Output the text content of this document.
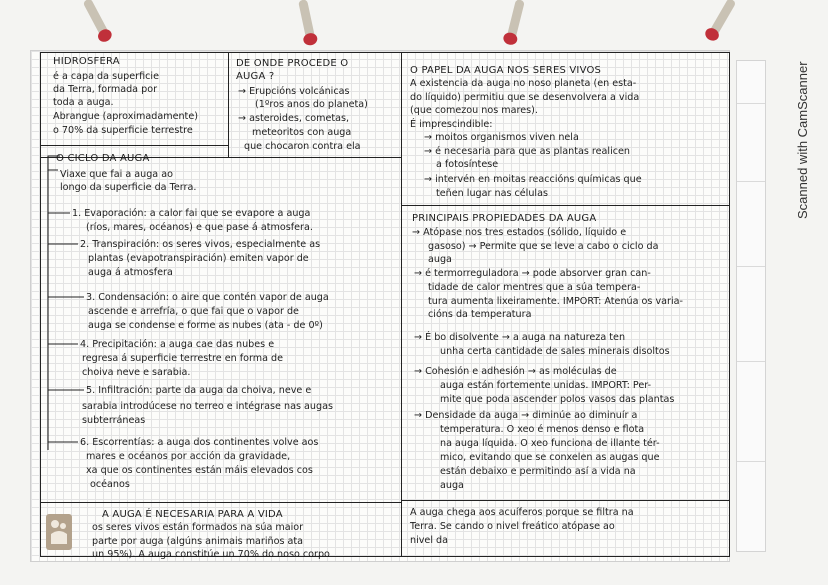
Scanned with CamScanner
HIDROSFERA
é a capa da superficie
da Terra, formada por
toda a auga.
Abrangue (aproximadamente)
o 70% da superficie terrestre
DE ONDE PROCEDE O
AUGA ?
→ Erupcións volcánicas
(1ºros anos do planeta)
→ asteroides, cometas,
meteoritos con auga
que chocaron contra ela
O CICLO DA AUGA
Viaxe que fai a auga ao
longo da superficie da Terra.
1. Evaporación: a calor fai que se evapore a auga
(ríos, mares, océanos) e que pase á atmosfera.
2. Transpiración: os seres vivos, especialmente as
plantas (evapotranspiración) emiten vapor de
auga á atmosfera
3. Condensación: o aire que contén vapor de auga
ascende e arrefría, o que fai que o vapor de
auga se condense e forme as nubes (ata - de 0º)
4. Precipitación: a auga cae das nubes e
regresa á superficie terrestre en forma de
choiva neve e sarabia.
5. Infiltración: parte da auga da choiva, neve e
sarabia introdúcese no terreo e intégrase nas augas
subterráneas
6. Escorrentías: a auga dos continentes volve aos
mares e océanos por acción da gravidade,
xa que os continentes están máis elevados cos
océanos
A AUGA É NECESARIA PARA A VIDA
os seres vivos están formados na súa maior
parte por auga (algúns animais mariños ata
un 95%). A auga constitúe un 70% do noso corpo
O PAPEL DA AUGA NOS SERES VIVOS
A existencia da auga no noso planeta (en esta-
do líquido) permitiu que se desenvolvera a vida
(que comezou nos mares).
É imprescindible:
→ moitos organismos viven nela
→ é necesaria para que as plantas realicen
a fotosíntese
→ intervén en moitas reaccións químicas que
teñen lugar nas células
PRINCIPAIS PROPIEDADES DA AUGA
→ Atópase nos tres estados (sólido, líquido e
gasoso) → Permite que se leve a cabo o ciclo da
auga
→ é termorreguladora → pode absorver gran can-
tidade de calor mentres que a súa tempera-
tura aumenta lixeiramente. IMPORT: Atenúa os varia-
cións da temperatura
→ É bo disolvente → a auga na natureza ten
unha certa cantidade de sales minerais disoltos
→ Cohesión e adhesión → as moléculas de
auga están fortemente unidas. IMPORT: Per-
mite que poda ascender polos vasos das plantas
→ Densidade da auga → diminúe ao diminuír a
temperatura. O xeo é menos denso e flota
na auga líquida. O xeo funciona de illante tér-
mico, evitando que se conxelen as augas que
están debaixo e permitindo así a vida na
auga
A auga chega aos acuíferos porque se filtra na
Terra. Se cando o nivel freático atópase ao
nivel da
